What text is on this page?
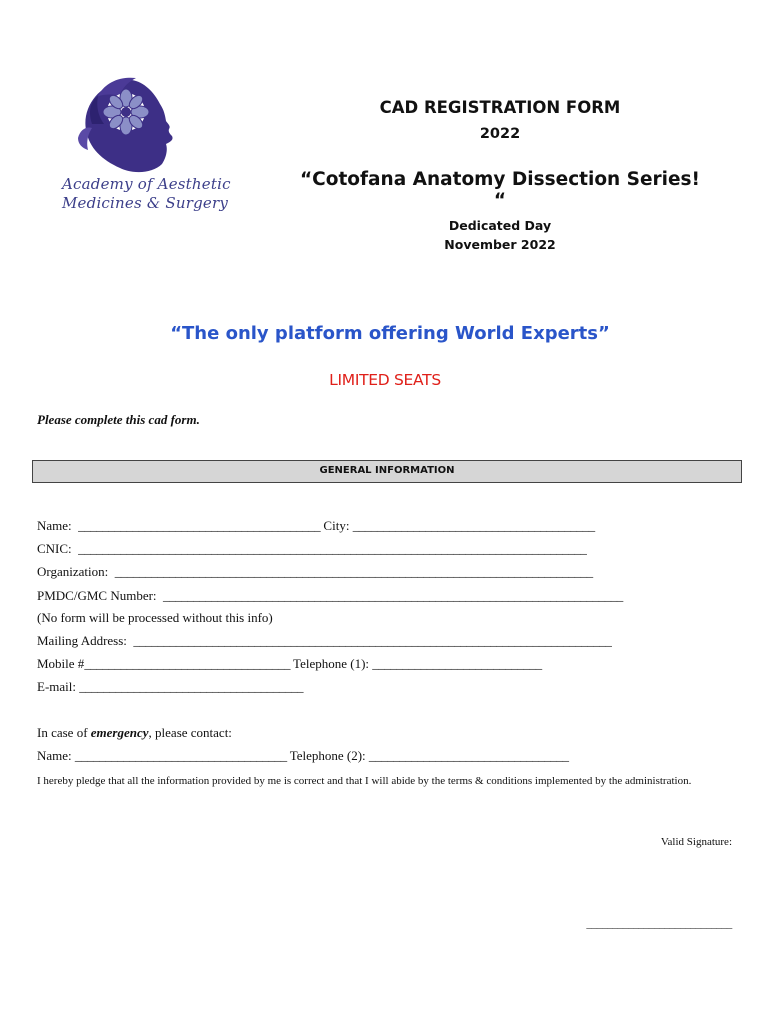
Academy of Aesthetic
Medicines & Surgery
CAD REGISTRATION FORM
2022
“Cotofana Anatomy Dissection Series! “
Dedicated Day
November 2022
“The only platform offering World Experts”
LIMITED SEATS
Please complete this cad form.
GENERAL INFORMATION
Name: ________________________________________ City: ________________________________________
CNIC: ____________________________________________________________________________________
Organization: _______________________________________________________________________________
PMDC/GMC Number: ____________________________________________________________________________
(No form will be processed without this info)
Mailing Address: _______________________________________________________________________________
Mobile #__________________________________ Telephone (1): ____________________________
E-mail: _____________________________________
In case of emergency, please contact:
Name: ___________________________________ Telephone (2): _________________________________
I hereby pledge that all the information provided by me is correct and that I will abide by the terms & conditions implemented by the administration.
Valid Signature:
____________________________
